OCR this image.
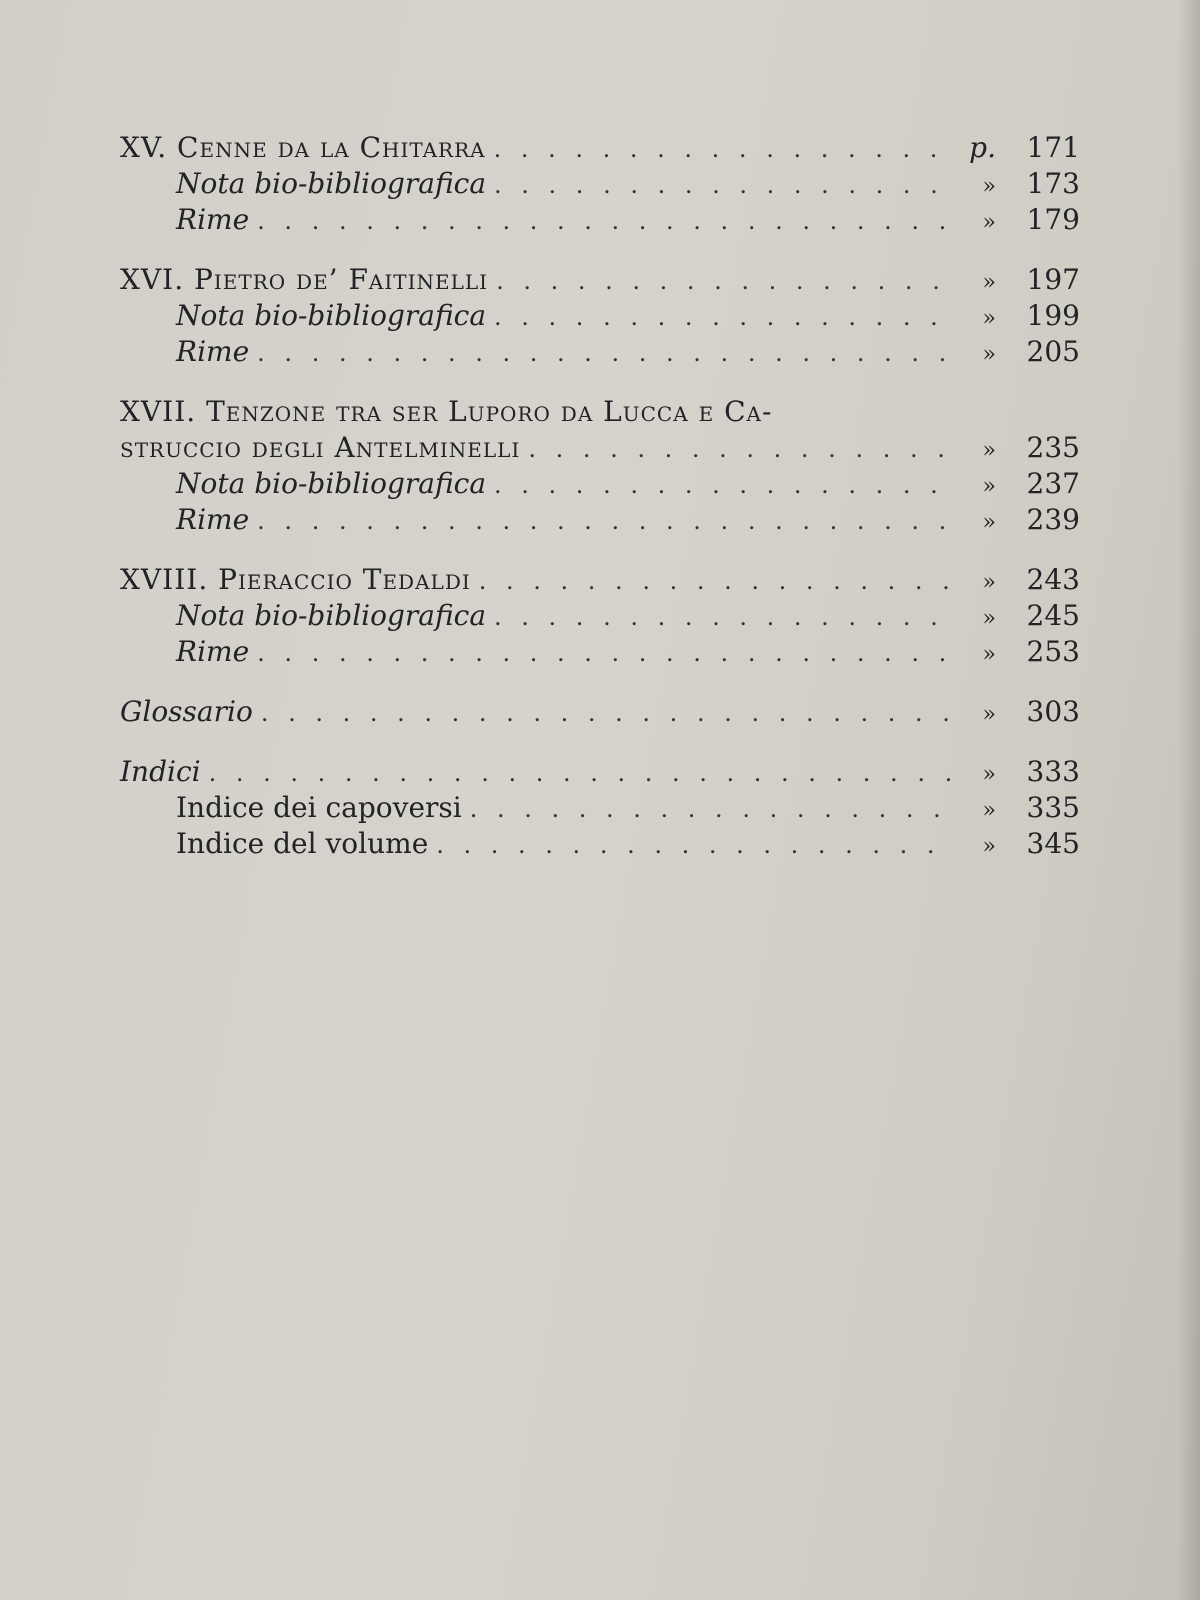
XV. Cenne da la Chitarra . . .	p.	171
Nota bio-bibliografica . . .	»	173
Rime . . .	»	179
XVI. Pietro de’ Faitinelli . . .	»	197
Nota bio-bibliografica . . .	»	199
Rime . . .	»	205
XVII. Tenzone tra ser Luporo da Lucca e Ca-
struccio degli Antelminelli . . .	»	235
Nota bio-bibliografica . . .	»	237
Rime . . .	»	239
XVIII. Pieraccio Tedaldi . . .	»	243
Nota bio-bibliografica . . .	»	245
Rime . . .	»	253
Glossario . . .	»	303
Indici . . .	»	333
Indice dei capoversi . . .	»	335
Indice del volume . . .	»	345
